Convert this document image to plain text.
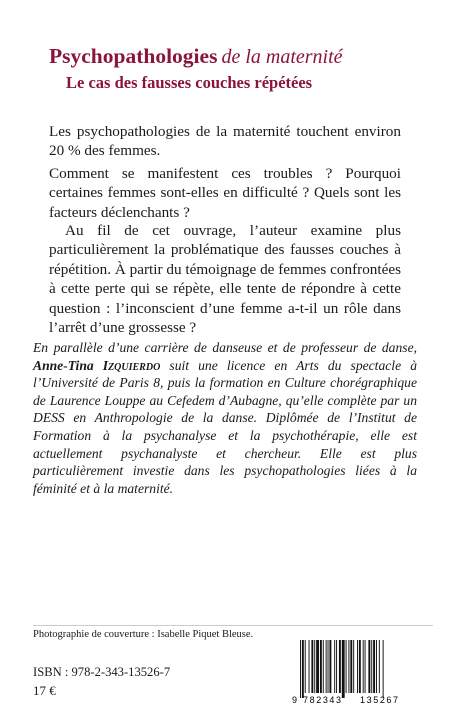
Psychopathologies de la maternité
Le cas des fausses couches répétées

Les psychopathologies de la maternité touchent environ 20 % des femmes.

Comment se manifestent ces troubles ? Pourquoi certaines femmes sont-elles en difficulté ? Quels sont les facteurs déclenchants ?

Au fil de cet ouvrage, l’auteur examine plus particulièrement la problématique des fausses couches à répétition. À partir du témoignage de femmes confrontées à cette perte qui se répète, elle tente de répondre à cette question : l’inconscient d’une femme a-t-il un rôle dans l’arrêt d’une grossesse ?

En parallèle d’une carrière de danseuse et de professeur de danse, Anne-Tina Izquierdo suit une licence en Arts du spectacle à l’Université de Paris 8, puis la formation en Culture chorégraphique de Laurence Louppe au Cefedem d’Aubagne, qu’elle complète par un DESS en Anthropologie de la danse. Diplômée de l’Institut de Formation à la psychanalyse et la psychothérapie, elle est actuellement psychanalyste et chercheur. Elle est plus particulièrement investie dans les psychopathologies liées à la féminité et à la maternité.

Photographie de couverture : Isabelle Piquet Bleuse.
ISBN : 978-2-343-13526-7
17 €
9 782343 135267
